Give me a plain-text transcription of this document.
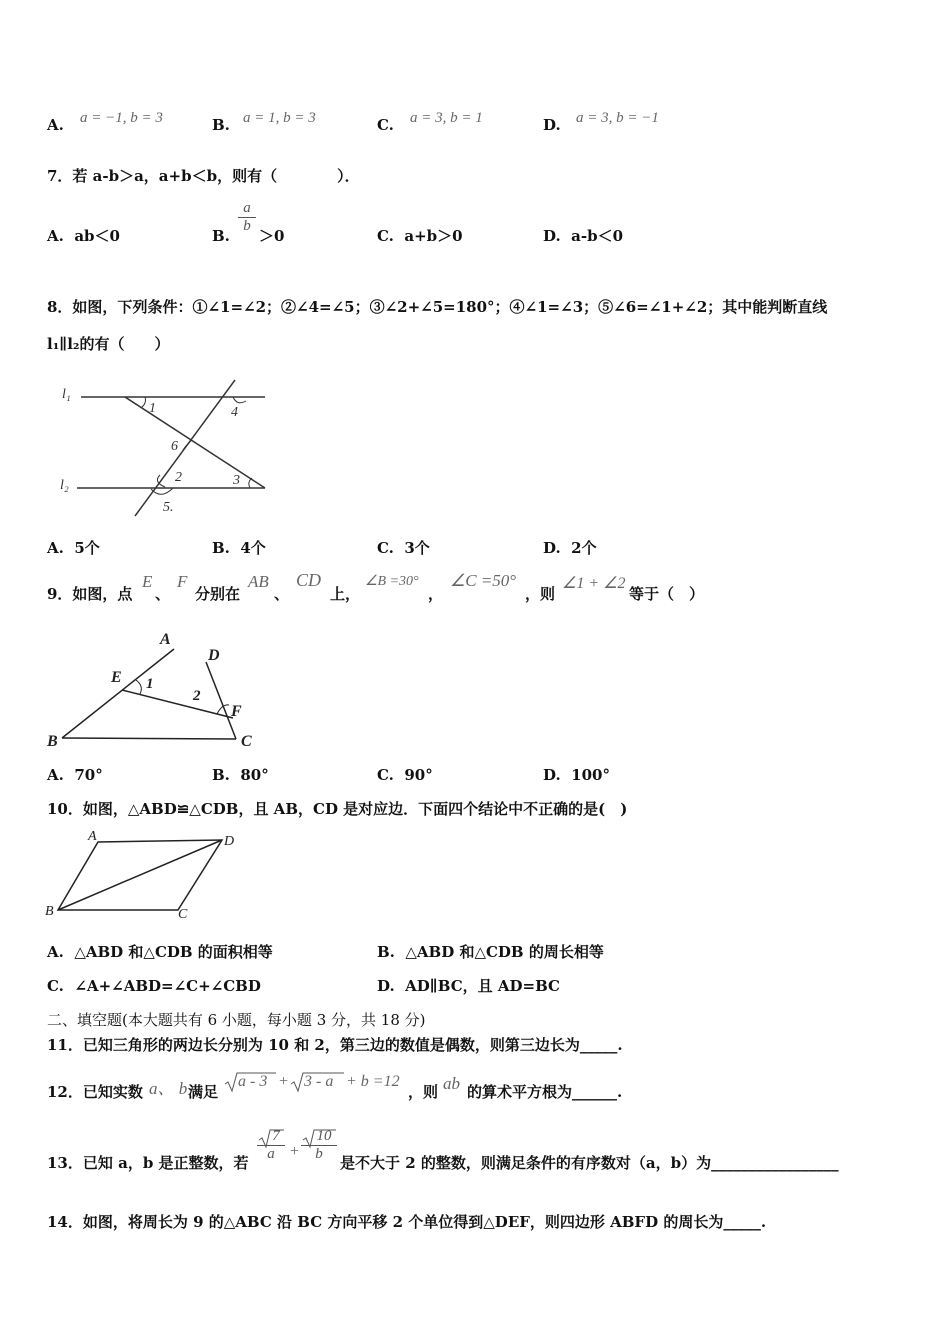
A. a = −1, b = 3	B. a = 1, b = 3	C. a = 3, b = 1	D. a = 3, b = −1
7．若 a-b＞a，a+b＜b，则有（　　　　）．
A. ab＜0	B.
$\frac{a}{b}$
＞0	C. a+b＞0	D. a-b＜0
8．如图，下列条件：①∠1=∠2；②∠4=∠5；③∠2+∠5=180°；④∠1=∠3；⑤∠6=∠1+∠2；其中能判断直线
l₁∥l₂的有（　　）
l₁
l₂
1	4
6
2	3
5.
A. 5个	B. 4个	C. 3个	D. 2个
9．如图，点
E
、
F
分别在
AB
、
CD
上，
∠B =30°
，
∠C =50°
，则
∠1 + ∠2
等于（　）
A
D
E 1
2
F
B	C
A. 70°	B. 80°	C. 90°	D. 100°
10．如图，△ABD≌△CDB，且 AB，CD 是对应边．下面四个结论中不正确的是(　)
A	D
B	C
A. △ABD 和△CDB 的面积相等	B. △ABD 和△CDB 的周长相等
C. ∠A+∠ABD=∠C+∠CBD	D. AD∥BC，且 AD=BC
二、填空题(本大题共有 6 小题，每小题 3 分，共 18 分)
11．已知三角形的两边长分别为 10 和 2，第三边的数值是偶数，则第三边长为_____.
12．已知实数 a、 b 满足
a - 3 + 3 - a + b =12
，则 ab 的算术平方根为______.
13．已知 a，b 是正整数，若 $\frac{7}{a} + \frac{10}{b}$ 是不大于 2 的整数，则满足条件的有序数对（a，b）为_________________
14．如图，将周长为 9 的△ABC 沿 BC 方向平移 2 个单位得到△DEF，则四边形 ABFD 的周长为_____.
